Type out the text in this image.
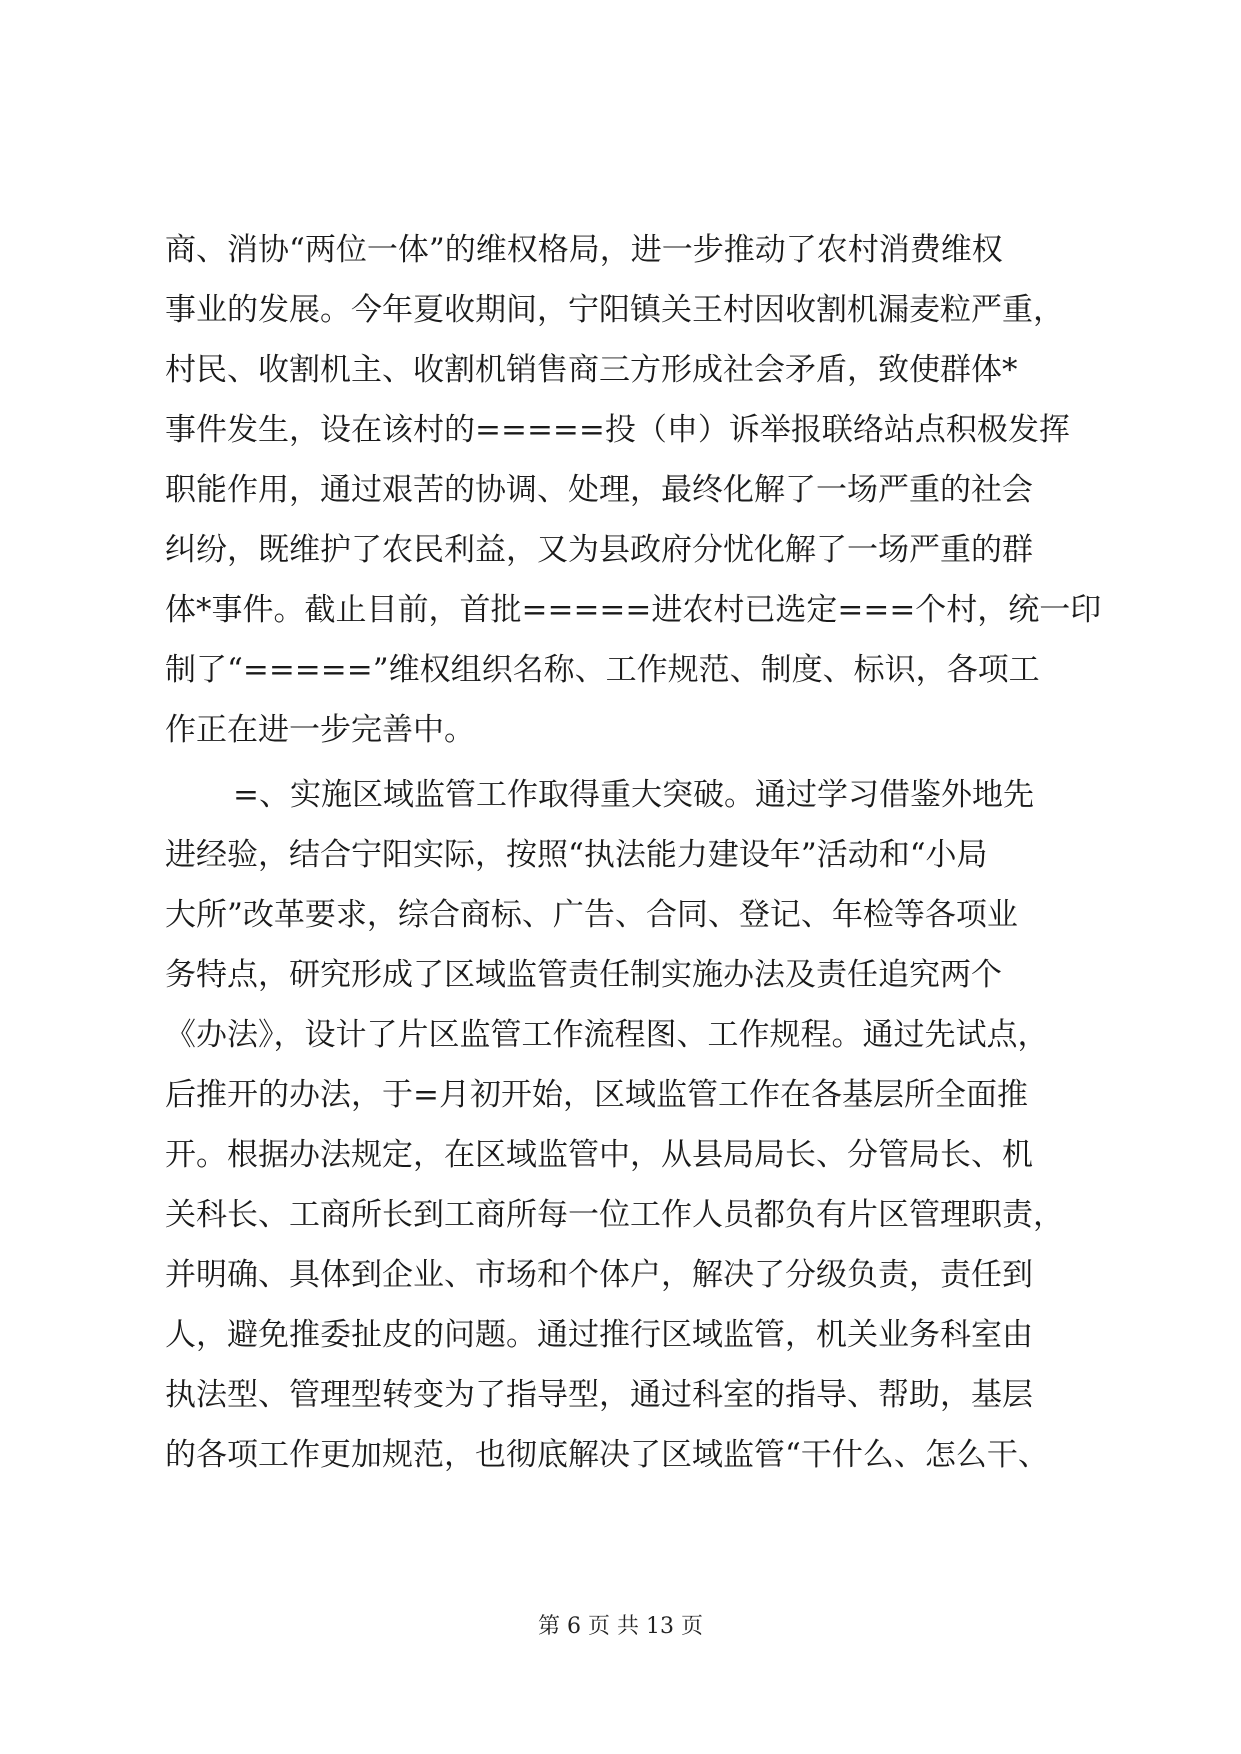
商、消协“两位一体”的维权格局，进一步推动了农村消费维权
事业的发展。今年夏收期间，宁阳镇关王村因收割机漏麦粒严重，
村民、收割机主、收割机销售商三方形成社会矛盾，致使群体*
事件发生，设在该村的=====投（申）诉举报联络站点积极发挥
职能作用，通过艰苦的协调、处理，最终化解了一场严重的社会
纠纷，既维护了农民利益，又为县政府分忧化解了一场严重的群
体*事件。截止目前，首批=====进农村已选定===个村，统一印
制了“=====”维权组织名称、工作规范、制度、标识，各项工
作正在进一步完善中。
=、实施区域监管工作取得重大突破。通过学习借鉴外地先
进经验，结合宁阳实际，按照“执法能力建设年”活动和“小局
大所”改革要求，综合商标、广告、合同、登记、年检等各项业
务特点，研究形成了区域监管责任制实施办法及责任追究两个
《办法》，设计了片区监管工作流程图、工作规程。通过先试点，
后推开的办法，于=月初开始，区域监管工作在各基层所全面推
开。根据办法规定，在区域监管中，从县局局长、分管局长、机
关科长、工商所长到工商所每一位工作人员都负有片区管理职责，
并明确、具体到企业、市场和个体户，解决了分级负责，责任到
人，避免推委扯皮的问题。通过推行区域监管，机关业务科室由
执法型、管理型转变为了指导型，通过科室的指导、帮助，基层
的各项工作更加规范，也彻底解决了区域监管“干什么、怎么干、
第 6 页 共 13 页
